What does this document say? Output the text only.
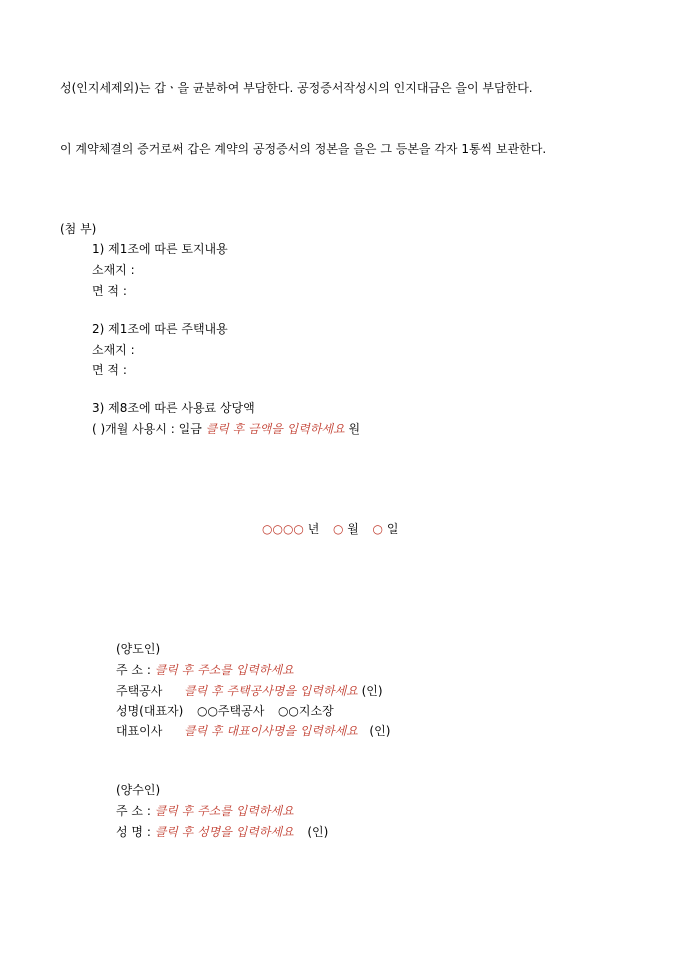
성(인지세제외)는 갑ㆍ을 균분하여 부담한다. 공정증서작성시의 인지대금은 을이 부담한다.
이 계약체결의 증거로써 갑은 계약의 공정증서의 정본을 을은 그 등본을 각자 1통씩 보관한다.
(첨 부)
1) 제1조에 따른 토지내용
소재지 :
면 적 :
2) 제1조에 따른 주택내용
소재지 :
면 적 :
3) 제8조에 따른 사용료 상당액
( )개월 사용시 : 일금 클릭 후 금액을 입력하세요 원
○○○○ 년 ○ 월 ○ 일
(양도인)
주 소 : 클릭 후 주소를 입력하세요
주택공사 클릭 후 주택공사명을 입력하세요 (인)
성명(대표자) ○○주택공사 ○○지소장
대표이사 클릭 후 대표이사명을 입력하세요 (인)
(양수인)
주 소 : 클릭 후 주소를 입력하세요
성 명 : 클릭 후 성명을 입력하세요 (인)
